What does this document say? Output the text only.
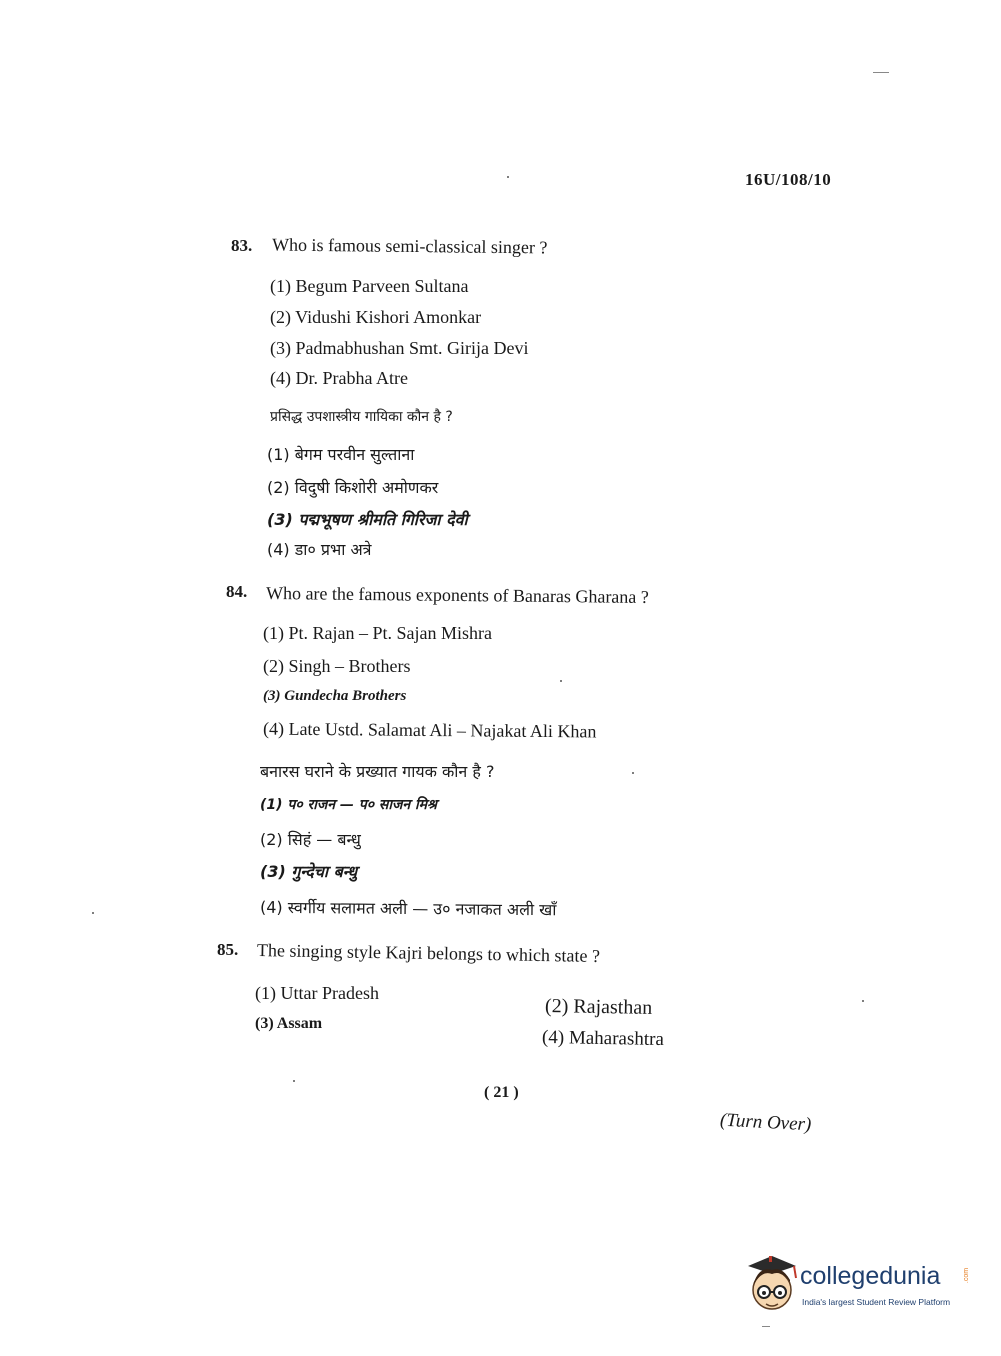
16U/108/10
83. Who is famous semi-classical singer ?
(1) Begum Parveen Sultana
(2) Vidushi Kishori Amonkar
(3) Padmabhushan Smt. Girija Devi
(4) Dr. Prabha Atre
प्रसिद्ध उपशास्त्रीय गायिका कौन है ?
(1) बेगम परवीन सुल्ताना
(2) विदुषी किशोरी अमोणकर
(3) पद्मभूषण श्रीमति गिरिजा देवी
(4) डा० प्रभा अत्रे
84. Who are the famous exponents of Banaras Gharana ?
(1) Pt. Rajan – Pt. Sajan Mishra
(2) Singh – Brothers
(3) Gundecha Brothers
(4) Late Ustd. Salamat Ali – Najakat Ali Khan
बनारस घराने के प्रख्यात गायक कौन है ?
(1) प० राजन — प० साजन मिश्र
(2) सिहं — बन्धु
(3) गुन्देचा बन्धु
(4) स्वर्गीय सलामत अली — उ० नजाकत अली खाँ
85. The singing style Kajri belongs to which state ?
(1) Uttar Pradesh
(2) Rajasthan
(3) Assam
(4) Maharashtra
( 21 )
(Turn Over)
collegedunia	.com
India's largest Student Review Platform
